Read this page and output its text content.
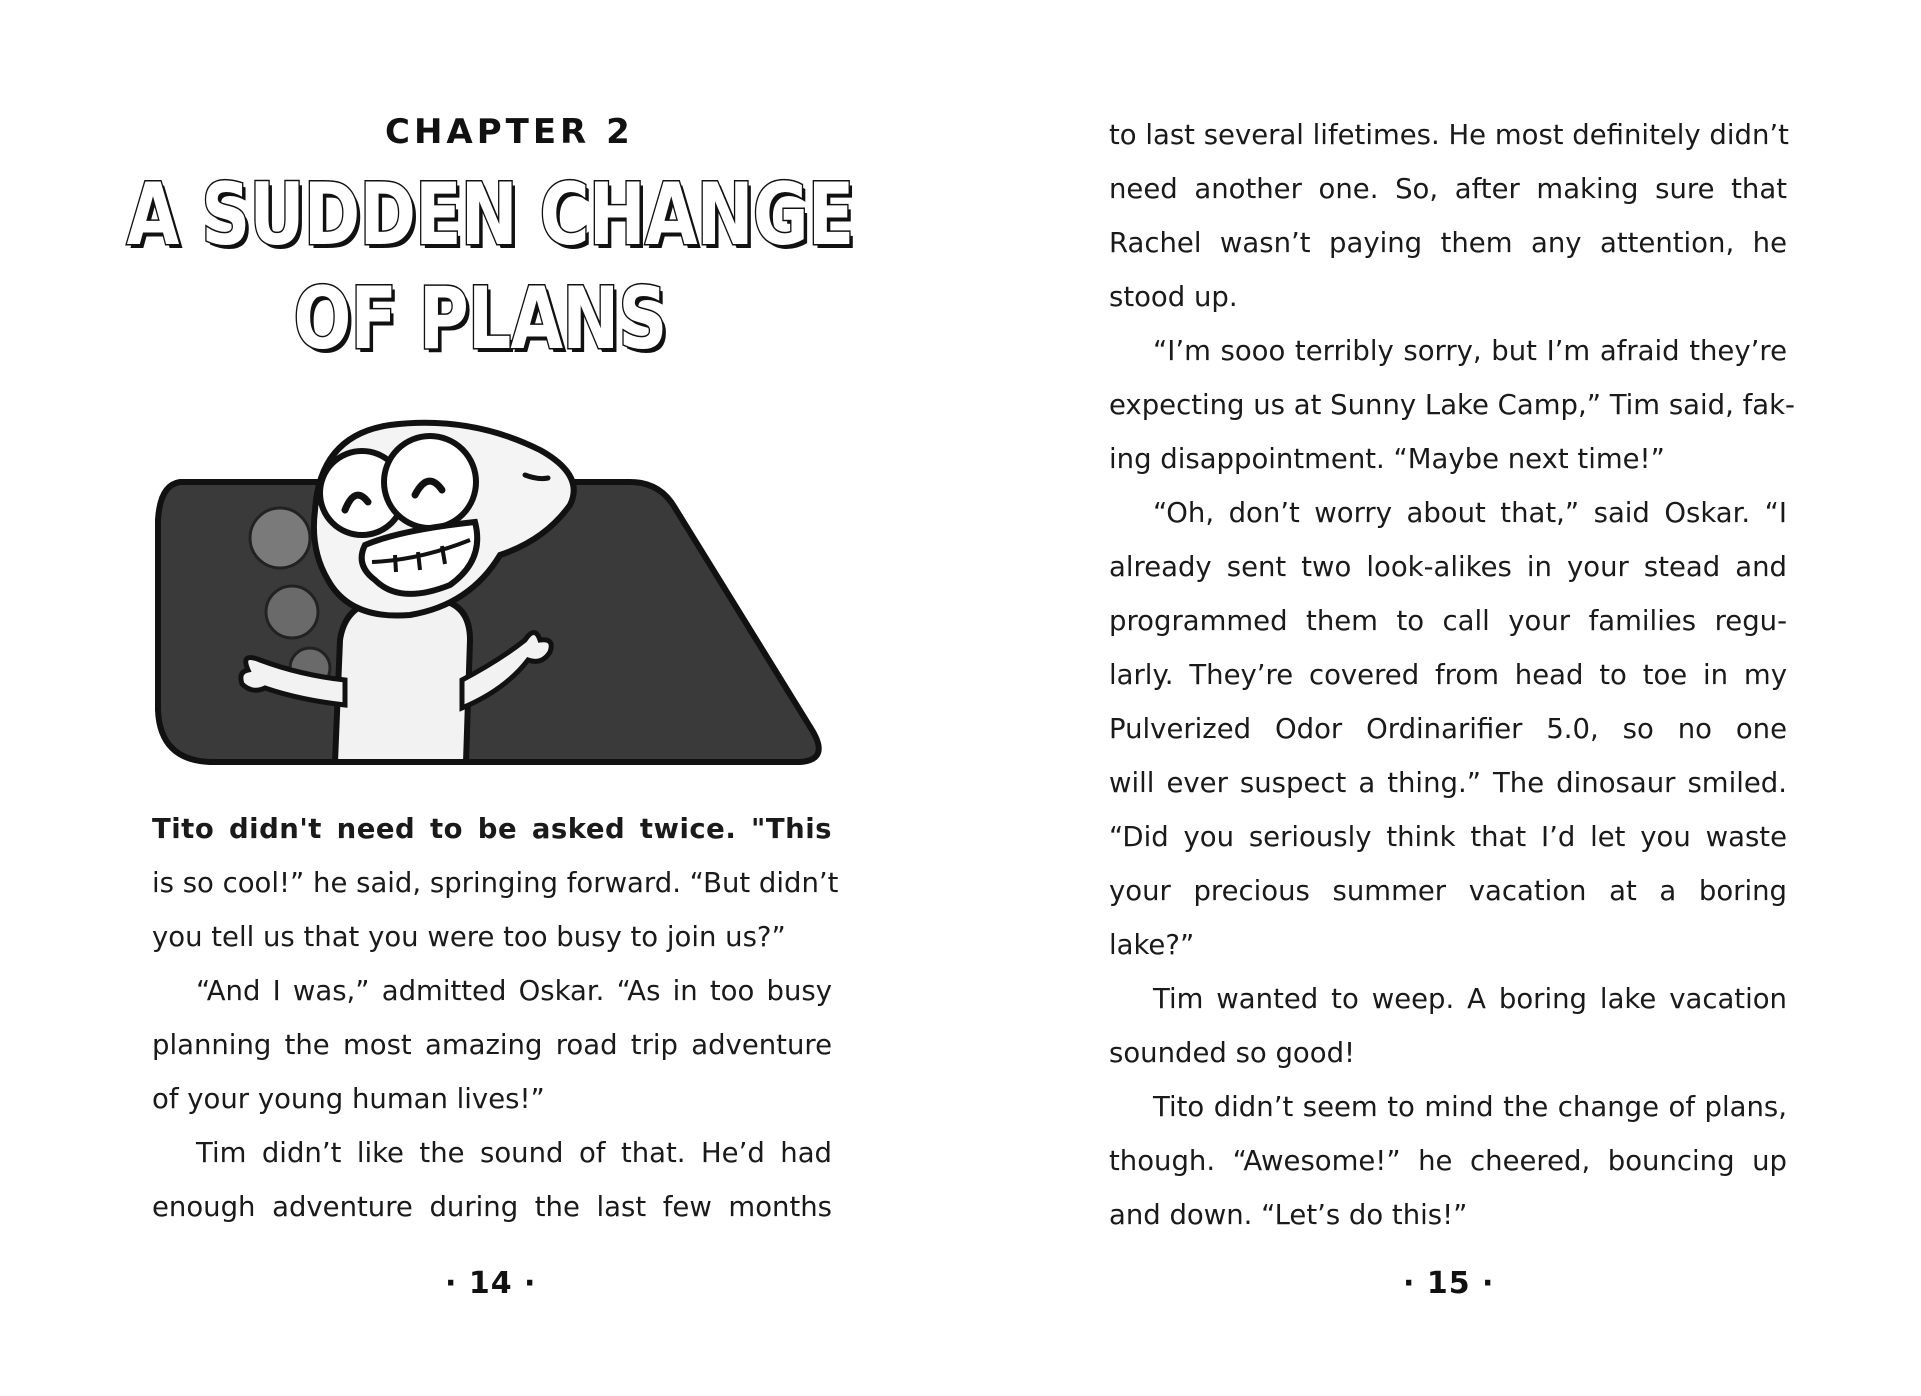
CHAPTER 2
A SUDDEN CHANGE
OF PLANS
Tito didn't need to be asked twice. "This
is so cool!” he said, springing forward. “But didn’t
you tell us that you were too busy to join us?”
“And I was,” admitted Oskar. “As in too busy
planning the most amazing road trip adventure
of your young human lives!”
Tim didn’t like the sound of that. He’d had
enough adventure during the last few months
· 14 ·	· 15 ·
to last several lifetimes. He most definitely didn’t
need another one. So, after making sure that
Rachel wasn’t paying them any attention, he
stood up.
“I’m sooo terribly sorry, but I’m afraid they’re
expecting us at Sunny Lake Camp,” Tim said, fak-
ing disappointment. “Maybe next time!”
“Oh, don’t worry about that,” said Oskar. “I
already sent two look-alikes in your stead and
programmed them to call your families regu-
larly. They’re covered from head to toe in my
Pulverized Odor Ordinarifier 5.0, so no one
will ever suspect a thing.” The dinosaur smiled.
“Did you seriously think that I’d let you waste
your precious summer vacation at a boring
lake?”
Tim wanted to weep. A boring lake vacation
sounded so good!
Tito didn’t seem to mind the change of plans,
though. “Awesome!” he cheered, bouncing up
and down. “Let’s do this!”
